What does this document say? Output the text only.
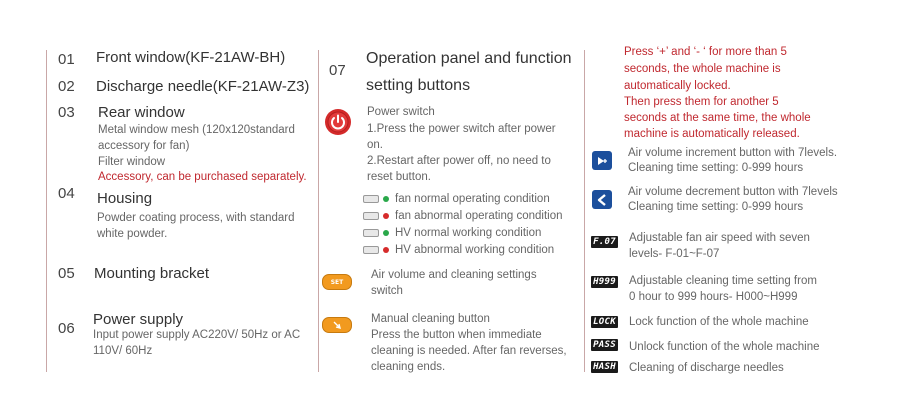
01 Front window(KF-21AW-BH)
02 Discharge needle(KF-21AW-Z3)
03 Rear window
Metal window mesh (120x120standard
accessory for fan)
Filter window
Accessory, can be purchased separately.
04 Housing
Powder coating process, with standard
white powder.
05 Mounting bracket
06
Power supply
Input power supply AC220V/ 50Hz or AC
110V/ 60Hz
07
Operation panel and function
setting buttons
Power switch
1.Press the power switch after power
on.
2.Restart after power off, no need to
reset button.
fan normal operating condition
fan abnormal operating condition
HV normal working condition
HV abnormal working condition
SET
Air volume and cleaning settings
switch
Manual cleaning button
Press the button when immediate
cleaning is needed. After fan reverses,
cleaning ends.
Press ‘+’ and ‘- ‘ for more than 5
seconds, the whole machine is
automatically locked.
Then press them for another 5
seconds at the same time, the whole
machine is automatically released.
Air volume increment button with 7levels.
Cleaning time setting: 0-999 hours
Air volume decrement button with 7levels
Cleaning time setting: 0-999 hours
F.07 Adjustable fan air speed with seven
levels- F-01~F-07
H999 Adjustable cleaning time setting from
0 hour to 999 hours- H000~H999
LOCK Lock function of the whole machine
PASS Unlock function of the whole machine
HASH Cleaning of discharge needles
